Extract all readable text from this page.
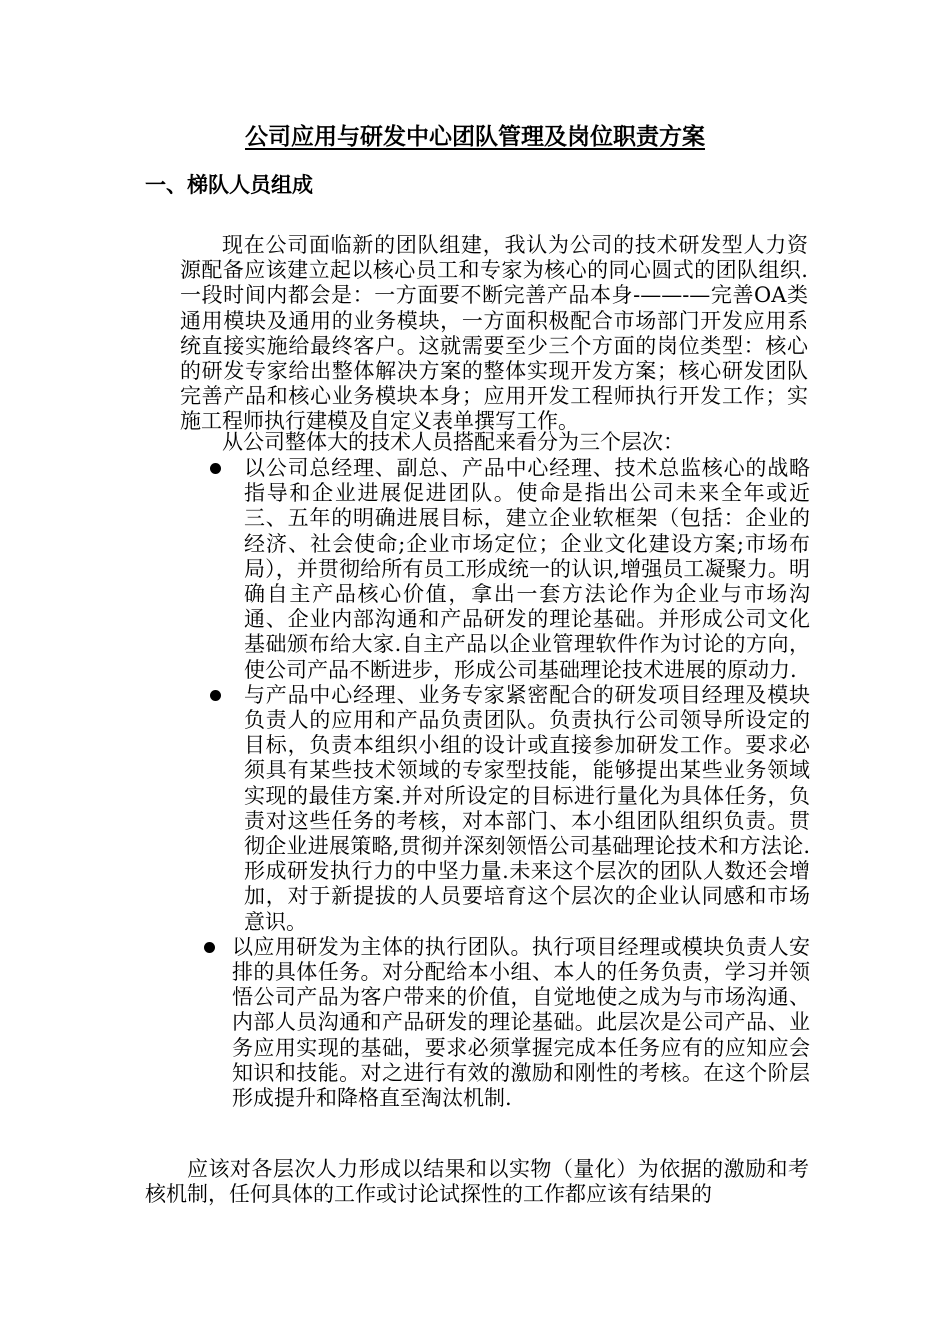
公司应用与研发中心团队管理及岗位职责方案
一、梯队人员组成

现在公司面临新的团队组建，我认为公司的技术研发型人力资源配备应该建立起以核心员工和专家为核心的同心圆式的团队组织.一段时间内都会是：一方面要不断完善产品本身-——-—完善OA类通用模块及通用的业务模块，一方面积极配合市场部门开发应用系统直接实施给最终客户。这就需要至少三个方面的岗位类型：核心的研发专家给出整体解决方案的整体实现开发方案；核心研发团队完善产品和核心业务模块本身；应用开发工程师执行开发工作；实施工程师执行建模及自定义表单撰写工作。

从公司整体大的技术人员搭配来看分为三个层次：

以公司总经理、副总、产品中心经理、技术总监核心的战略指导和企业进展促进团队。使命是指出公司未来全年或近三、五年的明确进展目标，建立企业软框架（包括：企业的经济、社会使命;企业市场定位；企业文化建设方案;市场布局），并贯彻给所有员工形成统一的认识,增强员工凝聚力。明确自主产品核心价值，拿出一套方法论作为企业与市场沟通、企业内部沟通和产品研发的理论基础。并形成公司文化基础颁布给大家.自主产品以企业管理软件作为讨论的方向，使公司产品不断进步，形成公司基础理论技术进展的原动力.
与产品中心经理、业务专家紧密配合的研发项目经理及模块负责人的应用和产品负责团队。负责执行公司领导所设定的目标，负责本组织小组的设计或直接参加研发工作。要求必须具有某些技术领域的专家型技能，能够提出某些业务领域实现的最佳方案.并对所设定的目标进行量化为具体任务，负责对这些任务的考核，对本部门、本小组团队组织负责。贯彻企业进展策略,贯彻并深刻领悟公司基础理论技术和方法论.形成研发执行力的中坚力量.未来这个层次的团队人数还会增加，对于新提拔的人员要培育这个层次的企业认同感和市场意识。
以应用研发为主体的执行团队。执行项目经理或模块负责人安排的具体任务。对分配给本小组、本人的任务负责，学习并领悟公司产品为客户带来的价值，自觉地使之成为与市场沟通、内部人员沟通和产品研发的理论基础。此层次是公司产品、业务应用实现的基础，要求必须掌握完成本任务应有的应知应会知识和技能。对之进行有效的激励和刚性的考核。在这个阶层形成提升和降格直至淘汰机制.

应该对各层次人力形成以结果和以实物（量化）为依据的激励和考核机制，任何具体的工作或讨论试探性的工作都应该有结果的
